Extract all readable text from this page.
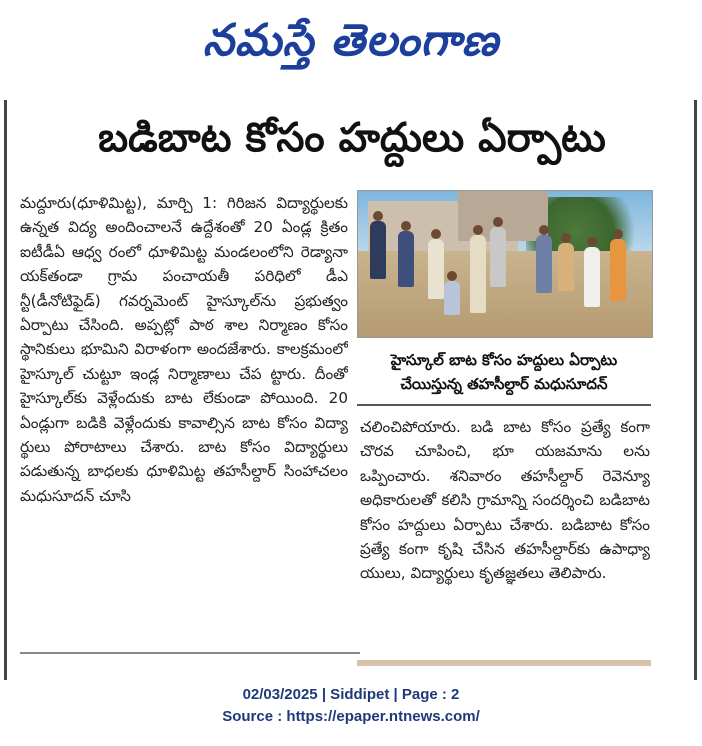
నమస్తే తెలంగాణ
బడిబాట కోసం హద్దులు ఏర్పాటు

మద్దూరు(ధూళిమిట్ట), మార్చి 1: గిరిజన విద్యార్థులకు ఉన్నత విద్య అందించాలనే ఉద్దేశంతో 20 ఏండ్ల క్రితం ఐటీడీఏ ఆధ్వ రంలో ధూళిమిట్ట మండలంలోని రెడ్యానా యక్‌తండా గ్రామ పంచాయతీ పరిధిలో డీఎ న్టీ(డీనోటిఫైడ్) గవర్నమెంట్ హైస్కూల్‌ను ప్రభుత్వం ఏర్పాటు చేసింది. అప్పట్లో పాఠ శాల నిర్మాణం కోసం స్థానికులు భూమిని విరాళంగా అందజేశారు. కాలక్రమంలో హైస్కూల్ చుట్టూ ఇండ్ల నిర్మాణాలు చేప ట్టారు. దీంతో హైస్కూల్‌కు వెళ్లేందుకు బాట లేకుండా పోయింది. 20 ఏండ్లుగా బడికి వెళ్లేందుకు కావాల్సిన బాట కోసం విద్యా ర్థులు పోరాటాలు చేశారు. బాట కోసం విద్యార్థులు పడుతున్న బాధలకు ధూళిమిట్ట తహసీల్దార్ సింహాచలం మధుసూదన్ చూసి

హైస్కూల్ బాట కోసం హద్దులు ఏర్పాటు
చేయిస్తున్న తహసీల్దార్ మధుసూదన్

చలించిపోయారు. బడి బాట కోసం ప్రత్యే కంగా చొరవ చూపించి, భూ యజమాను లను ఒప్పించారు. శనివారం తహసీల్దార్ రెవెన్యూ అధికారులతో కలిసి గ్రామాన్ని సందర్శించి బడిబాట కోసం హద్దులు ఏర్పాటు చేశారు. బడిబాట కోసం ప్రత్యే కంగా కృషి చేసిన తహసీల్దార్‌కు ఉపాధ్యా యులు, విద్యార్థులు కృతజ్ఞతలు తెలిపారు.

02/03/2025 | Siddipet | Page : 2
Source : https://epaper.ntnews.com/
